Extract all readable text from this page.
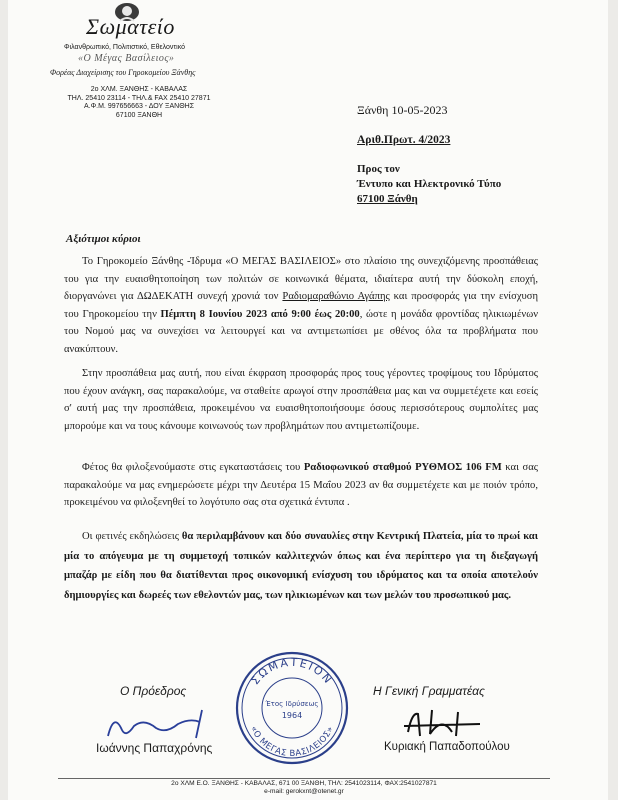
Σωματείο
Φιλανθρωπικό, Πολιτιστικό, Εθελοντικό
«Ο Μέγας Βασίλειος»
Φορέας Διαχείρισης του Γηροκομείου Ξάνθης
2ο ΧΛΜ. ΞΑΝΘΗΣ - ΚΑΒΑΛΑΣ
ΤΗΛ. 25410 23114 - ΤΗΛ.& FAX 25410 27871
Α.Φ.Μ. 997656663 - ΔΟΥ ΞΑΝΘΗΣ
67100 ΞΑΝΘΗ	Ξάνθη 10-05-2023
Αριθ.Πρωτ. 4/2023
Προς τον
Έντυπο και Ηλεκτρονικό Τύπο
67100 Ξάνθη
Αξιότιμοι κύριοι
Το Γηροκομείο Ξάνθης -Ίδρυμα «Ο ΜΕΓΑΣ ΒΑΣΙΛΕΙΟΣ» στο πλαίσιο της συνεχιζόμενης προσπάθειας του για την ευαισθητοποίηση των πολιτών σε κοινωνικά θέματα, ιδιαίτερα αυτή την δύσκολη εποχή, διοργανώνει για ΔΩΔΕΚΑΤΗ συνεχή χρονιά τον Ραδιομαραθώνιο Αγάπης και προσφοράς για την ενίσχυση του Γηροκομείου την Πέμπτη 8 Ιουνίου 2023 από 9:00 έως 20:00, ώστε η μονάδα φροντίδας ηλικιωμένων του Νομού μας να συνεχίσει να λειτουργεί και να αντιμετωπίσει με σθένος όλα τα προβλήματα που ανακύπτουν.
Στην προσπάθεια μας αυτή, που είναι έκφραση προσφοράς προς τους γέροντες τροφίμους του Ιδρύματος που έχουν ανάγκη, σας παρακαλούμε, να σταθείτε αρωγοί στην προσπάθεια μας και να συμμετέχετε και εσείς σ' αυτή μας την προσπάθεια, προκειμένου να ευαισθητοποιήσουμε όσους περισσότερους συμπολίτες μας μπορούμε και να τους κάνουμε κοινωνούς των προβλημάτων που αντιμετωπίζουμε.
Φέτος θα φιλοξενούμαστε στις εγκαταστάσεις του Ραδιοφωνικού σταθμού ΡΥΘΜΟΣ 106 FM και σας παρακαλούμε να μας ενημερώσετε μέχρι την Δευτέρα 15 Μαΐου 2023 αν θα συμμετέχετε και με ποιόν τρόπο, προκειμένου να φιλοξενηθεί το λογότυπο σας στα σχετικά έντυπα .
Οι φετινές εκδηλώσεις θα περιλαμβάνουν και δύο συναυλίες στην Κεντρική Πλατεία, μία το πρωί και μία το απόγευμα με τη συμμετοχή τοπικών καλλιτεχνών όπως και ένα περίπτερο για τη διεξαγωγή μπαζάρ με είδη που θα διατίθενται προς οικονομική ενίσχυση του ιδρύματος και τα οποία αποτελούν δημιουργίες και δωρεές των εθελοντών μας, των ηλικιωμένων και των μελών του προσωπικού μας.
ΣΩΜΑΤΕΙΟΝ
«Ο ΜΕΓΑΣ ΒΑΣΙΛΕΙΟΣ»
Έτος Ιδρύσεως
1964
Ο Πρόεδρος
Ιωάννης Παπαχρόνης
Η Γενική Γραμματέας
Κυριακή Παπαδοπούλου
2ο ΧΛΜ Ε.Ο. ΞΑΝΘΗΣ - ΚΑΒΑΛΑΣ, 671 00 ΞΑΝΘΗ, ΤΗΛ: 2541023114, ΦΑΧ:2541027871
e-mail: gerokxnt@otenet.gr
